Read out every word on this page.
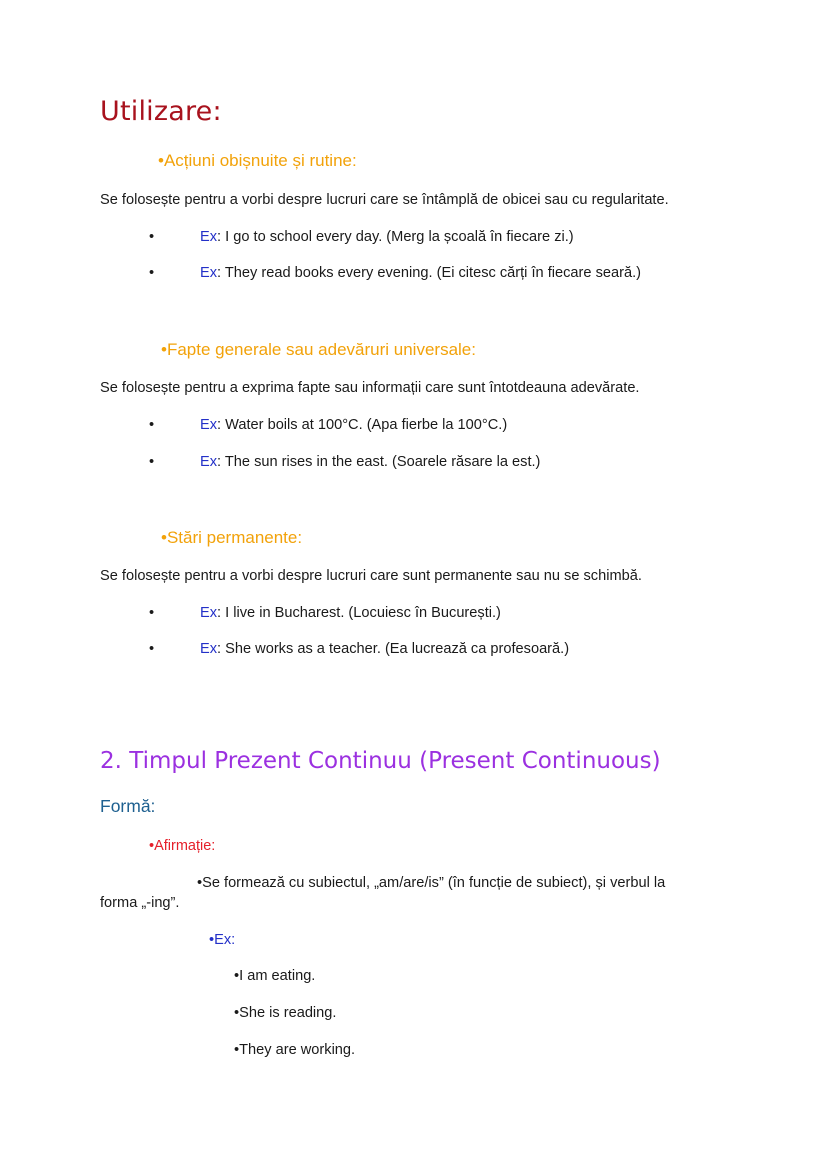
Utilizare:
•Acțiuni obișnuite și rutine:
Se folosește pentru a vorbi despre lucruri care se întâmplă de obicei sau cu regularitate.
•	Ex: I go to school every day. (Merg la școală în fiecare zi.)
•	Ex: They read books every evening. (Ei citesc cărți în fiecare seară.)
•Fapte generale sau adevăruri universale:
Se folosește pentru a exprima fapte sau informații care sunt întotdeauna adevărate.
•	Ex: Water boils at 100°C. (Apa fierbe la 100°C.)
•	Ex: The sun rises in the east. (Soarele răsare la est.)
•Stări permanente:
Se folosește pentru a vorbi despre lucruri care sunt permanente sau nu se schimbă.
•	Ex: I live in Bucharest. (Locuiesc în București.)
•	Ex: She works as a teacher. (Ea lucrează ca profesoară.)
2. Timpul Prezent Continuu (Present Continuous)
Formă:
•Afirmație:
•Se formează cu subiectul, „am/are/is” (în funcție de subiect), și verbul la
forma „-ing”.
•Ex:
•I am eating.
•She is reading.
•They are working.
